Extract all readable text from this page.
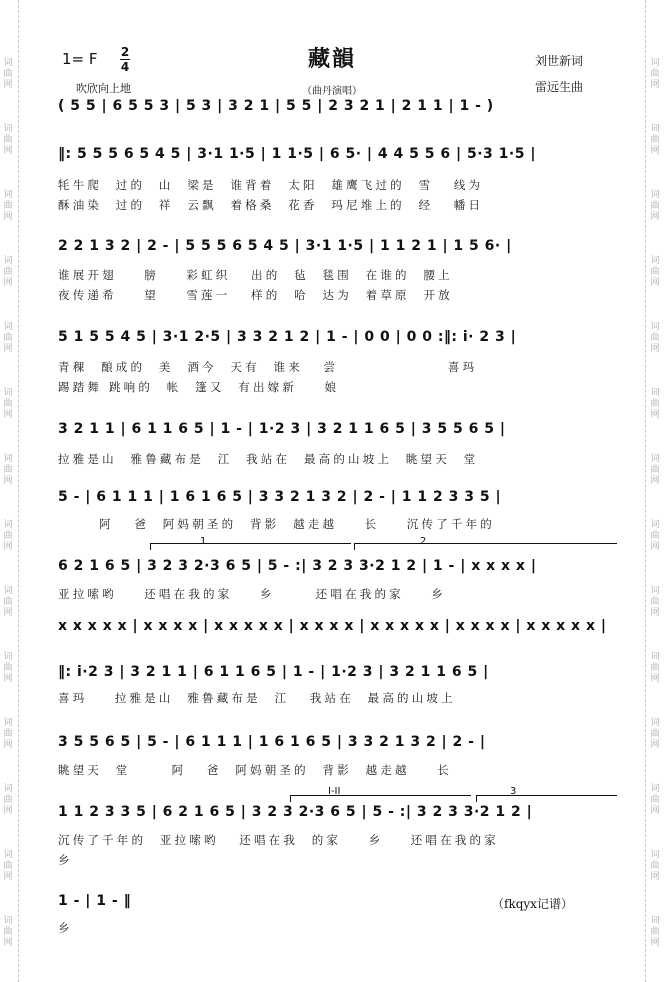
词
曲
网
词
曲
网
词
曲
网
词
曲
网
词
曲
网
词
曲
网
词
曲
网
词
曲
网
词
曲
网
词
曲
网
词
曲
网
词
曲
网
词
曲
网
词
曲
网
词
曲
网
词
曲
网
词
曲
网
词
曲
网
词
曲
网
词
曲
网
词
曲
网
词
曲
网
词
曲
网
词
曲
网
词
曲
网
词
曲
网
词
曲
网
词
曲
网
1= F 2
4	藏韻	刘世新词
雷远生曲
吹欣向上地	（曲丹演唱）
( 5 5 | 6 5 5 3 | 5 3 | 3 2 1 | 5 5 | 2 3 2 1 | 2 1 1 | 1 - )
‖: 5 5 5 6 5 4 5 | 3·1 1·5 | 1 1·5 | 6 5· | 4 4 5 5 6 | 5·3 1·5 |
牦牛爬  过的  山  梁是  谁背着  太阳  雄鹰飞过的  雪   线为
酥油染  过的  祥  云飘  着格桑  花香  玛尼堆上的  经   幡日
2 2 1 3 2 | 2 - | 5 5 5 6 5 4 5 | 3·1 1·5 | 1 1 2 1 | 1 5 6· |
谁展开翅    膀    彩虹织   出的  毡  毯围  在谁的  腰上
夜传递希    望    雪莲一   样的  哈  达为  着草原  开放
5 1 5 5 4 5 | 3·1 2·5 | 3 3 2 1 2 | 1 - | 0 0 | 0 0 :‖: i· 2 3 |
青稞  酿成的  美  酒今  天有  谁来   尝                喜玛
踢踏舞 跳响的  帐  篷又  有出嫁新    娘
3 2 1 1 | 6 1 1 6 5 | 1 - | 1·2 3 | 3 2 1 1 6 5 | 3 5 5 6 5 |
拉雅是山  雅鲁藏布是  江  我站在  最高的山坡上  眺望天  堂
5 - | 6 1 1 1 | 1 6 1 6 5 | 3 3 2 1 3 2 | 2 - | 1 1 2 3 3 5 |
阿   爸  阿妈朝圣的  背影  越走越    长    沉传了千年的
1	2
6 2 1 6 5 | 3 2 3 2·3 6 5 | 5 - :| 3 2 3 3·2 1 2 | 1 - | x x x x |
亚拉嗦哟    还唱在我的家    乡      还唱在我的家    乡
x x x x x | x x x x | x x x x x | x x x x | x x x x x | x x x x | x x x x x |
‖: i·2 3 | 3 2 1 1 | 6 1 1 6 5 | 1 - | 1·2 3 | 3 2 1 1 6 5 |
喜玛    拉雅是山  雅鲁藏布是  江   我站在  最高的山坡上
3 5 5 6 5 | 5 - | 6 1 1 1 | 1 6 1 6 5 | 3 3 2 1 3 2 | 2 - |
眺望天  堂      阿   爸  阿妈朝圣的  背影  越走越    长
I-II	3
1 1 2 3 3 5 | 6 2 1 6 5 | 3 2 3 2·3 6 5 | 5 - :| 3 2 3 3·2 1 2 |
沉传了千年的  亚拉嗦哟   还唱在我  的家    乡    还唱在我的家
乡
1 - | 1 - ‖
乡
（fkqyx记谱）
